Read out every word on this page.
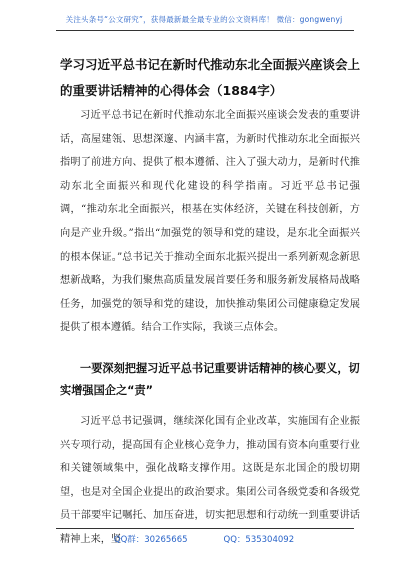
关注头条号“公文研究”，获得最新最全最专业的公文资料库！ 微信：gongwenyj
学习习近平总书记在新时代推动东北全面振兴座谈会上的重要讲话精神的心得体会（1884字）

习近平总书记在新时代推动东北全面振兴座谈会发表的重要讲话，高屋建瓴、思想深邃、内涵丰富，为新时代推动东北全面振兴指明了前进方向、提供了根本遵循、注入了强大动力，是新时代推动东北全面振兴和现代化建设的科学指南。习近平总书记强调，“推动东北全面振兴，根基在实体经济，关键在科技创新，方向是产业升级。”指出“加强党的领导和党的建设，是东北全面振兴的根本保证。”总书记关于推动全面东北振兴提出一系列新观念新思想新战略，为我们聚焦高质量发展首要任务和服务新发展格局战略任务，加强党的领导和党的建设，加快推动集团公司健康稳定发展提供了根本遵循。结合工作实际，我谈三点体会。

一要深刻把握习近平总书记重要讲话精神的核心要义，切实增强国企之“责”

习近平总书记强调，继续深化国有企业改革，实施国有企业振兴专项行动，提高国有企业核心竞争力，推动国有资本向重要行业和关键领域集中，强化战略支撑作用。这既是东北国企的殷切期望，也是对全国企业提出的政治要求。集团公司各级党委和各级党员干部要牢记嘱托、加压奋进，切实把思想和行动统一到重要讲话精神上来，坚

QQ群：30265665	QQ：535304092
